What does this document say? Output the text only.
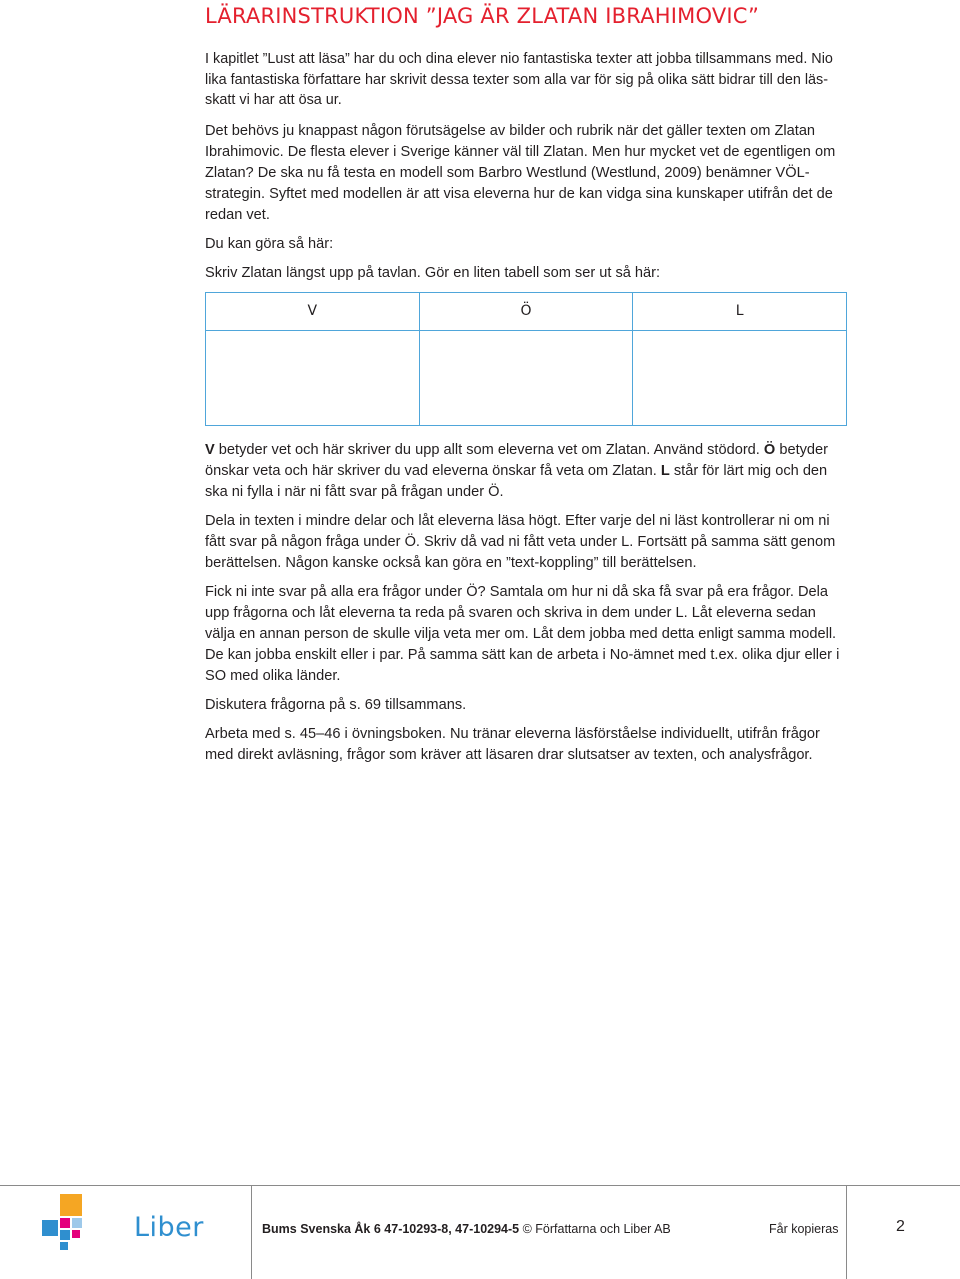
LÄRARINSTRUKTION ”JAG ÄR ZLATAN IBRAHIMOVIC”

I kapitlet ”Lust att läsa” har du och dina elever nio fantastiska texter att jobba tillsammans med. Nio lika fantastiska författare har skrivit dessa texter som alla var för sig på olika sätt bidrar till den läs-skatt vi har att ösa ur.

Det behövs ju knappast någon förutsägelse av bilder och rubrik när det gäller texten om Zlatan Ibrahimovic. De flesta elever i Sverige känner väl till Zlatan. Men hur mycket vet de egentligen om Zlatan? De ska nu få testa en modell som Barbro Westlund (Westlund, 2009) benämner VÖL-strategin. Syftet med modellen är att visa eleverna hur de kan vidga sina kunskaper utifrån det de redan vet.

Du kan göra så här:

Skriv Zlatan längst upp på tavlan. Gör en liten tabell som ser ut så här:

V	Ö	L

V betyder vet och här skriver du upp allt som eleverna vet om Zlatan. Använd stödord. Ö betyder önskar veta och här skriver du vad eleverna önskar få veta om Zlatan. L står för lärt mig och den ska ni fylla i när ni fått svar på frågan under Ö.

Dela in texten i mindre delar och låt eleverna läsa högt. Efter varje del ni läst kontrollerar ni om ni fått svar på någon fråga under Ö. Skriv då vad ni fått veta under L. Fortsätt på samma sätt genom berättelsen. Någon kanske också kan göra en ”text-koppling” till berättelsen.

Fick ni inte svar på alla era frågor under Ö? Samtala om hur ni då ska få svar på era frågor. Dela upp frågorna och låt eleverna ta reda på svaren och skriva in dem under L. Låt eleverna sedan välja en annan person de skulle vilja veta mer om. Låt dem jobba med detta enligt samma modell. De kan jobba enskilt eller i par. På samma sätt kan de arbeta i No-ämnet med t.ex. olika djur eller i SO med olika länder.

Diskutera frågorna på s. 69 tillsammans.

Arbeta med s. 45–46 i övningsboken. Nu tränar eleverna läsförståelse individuellt, utifrån frågor med direkt avläsning, frågor som kräver att läsaren drar slutsatser av texten, och analysfrågor.

Liber	Bums Svenska Åk 6 47-10293-8, 47-10294-5 © Författarna och Liber AB	Får kopieras	2
